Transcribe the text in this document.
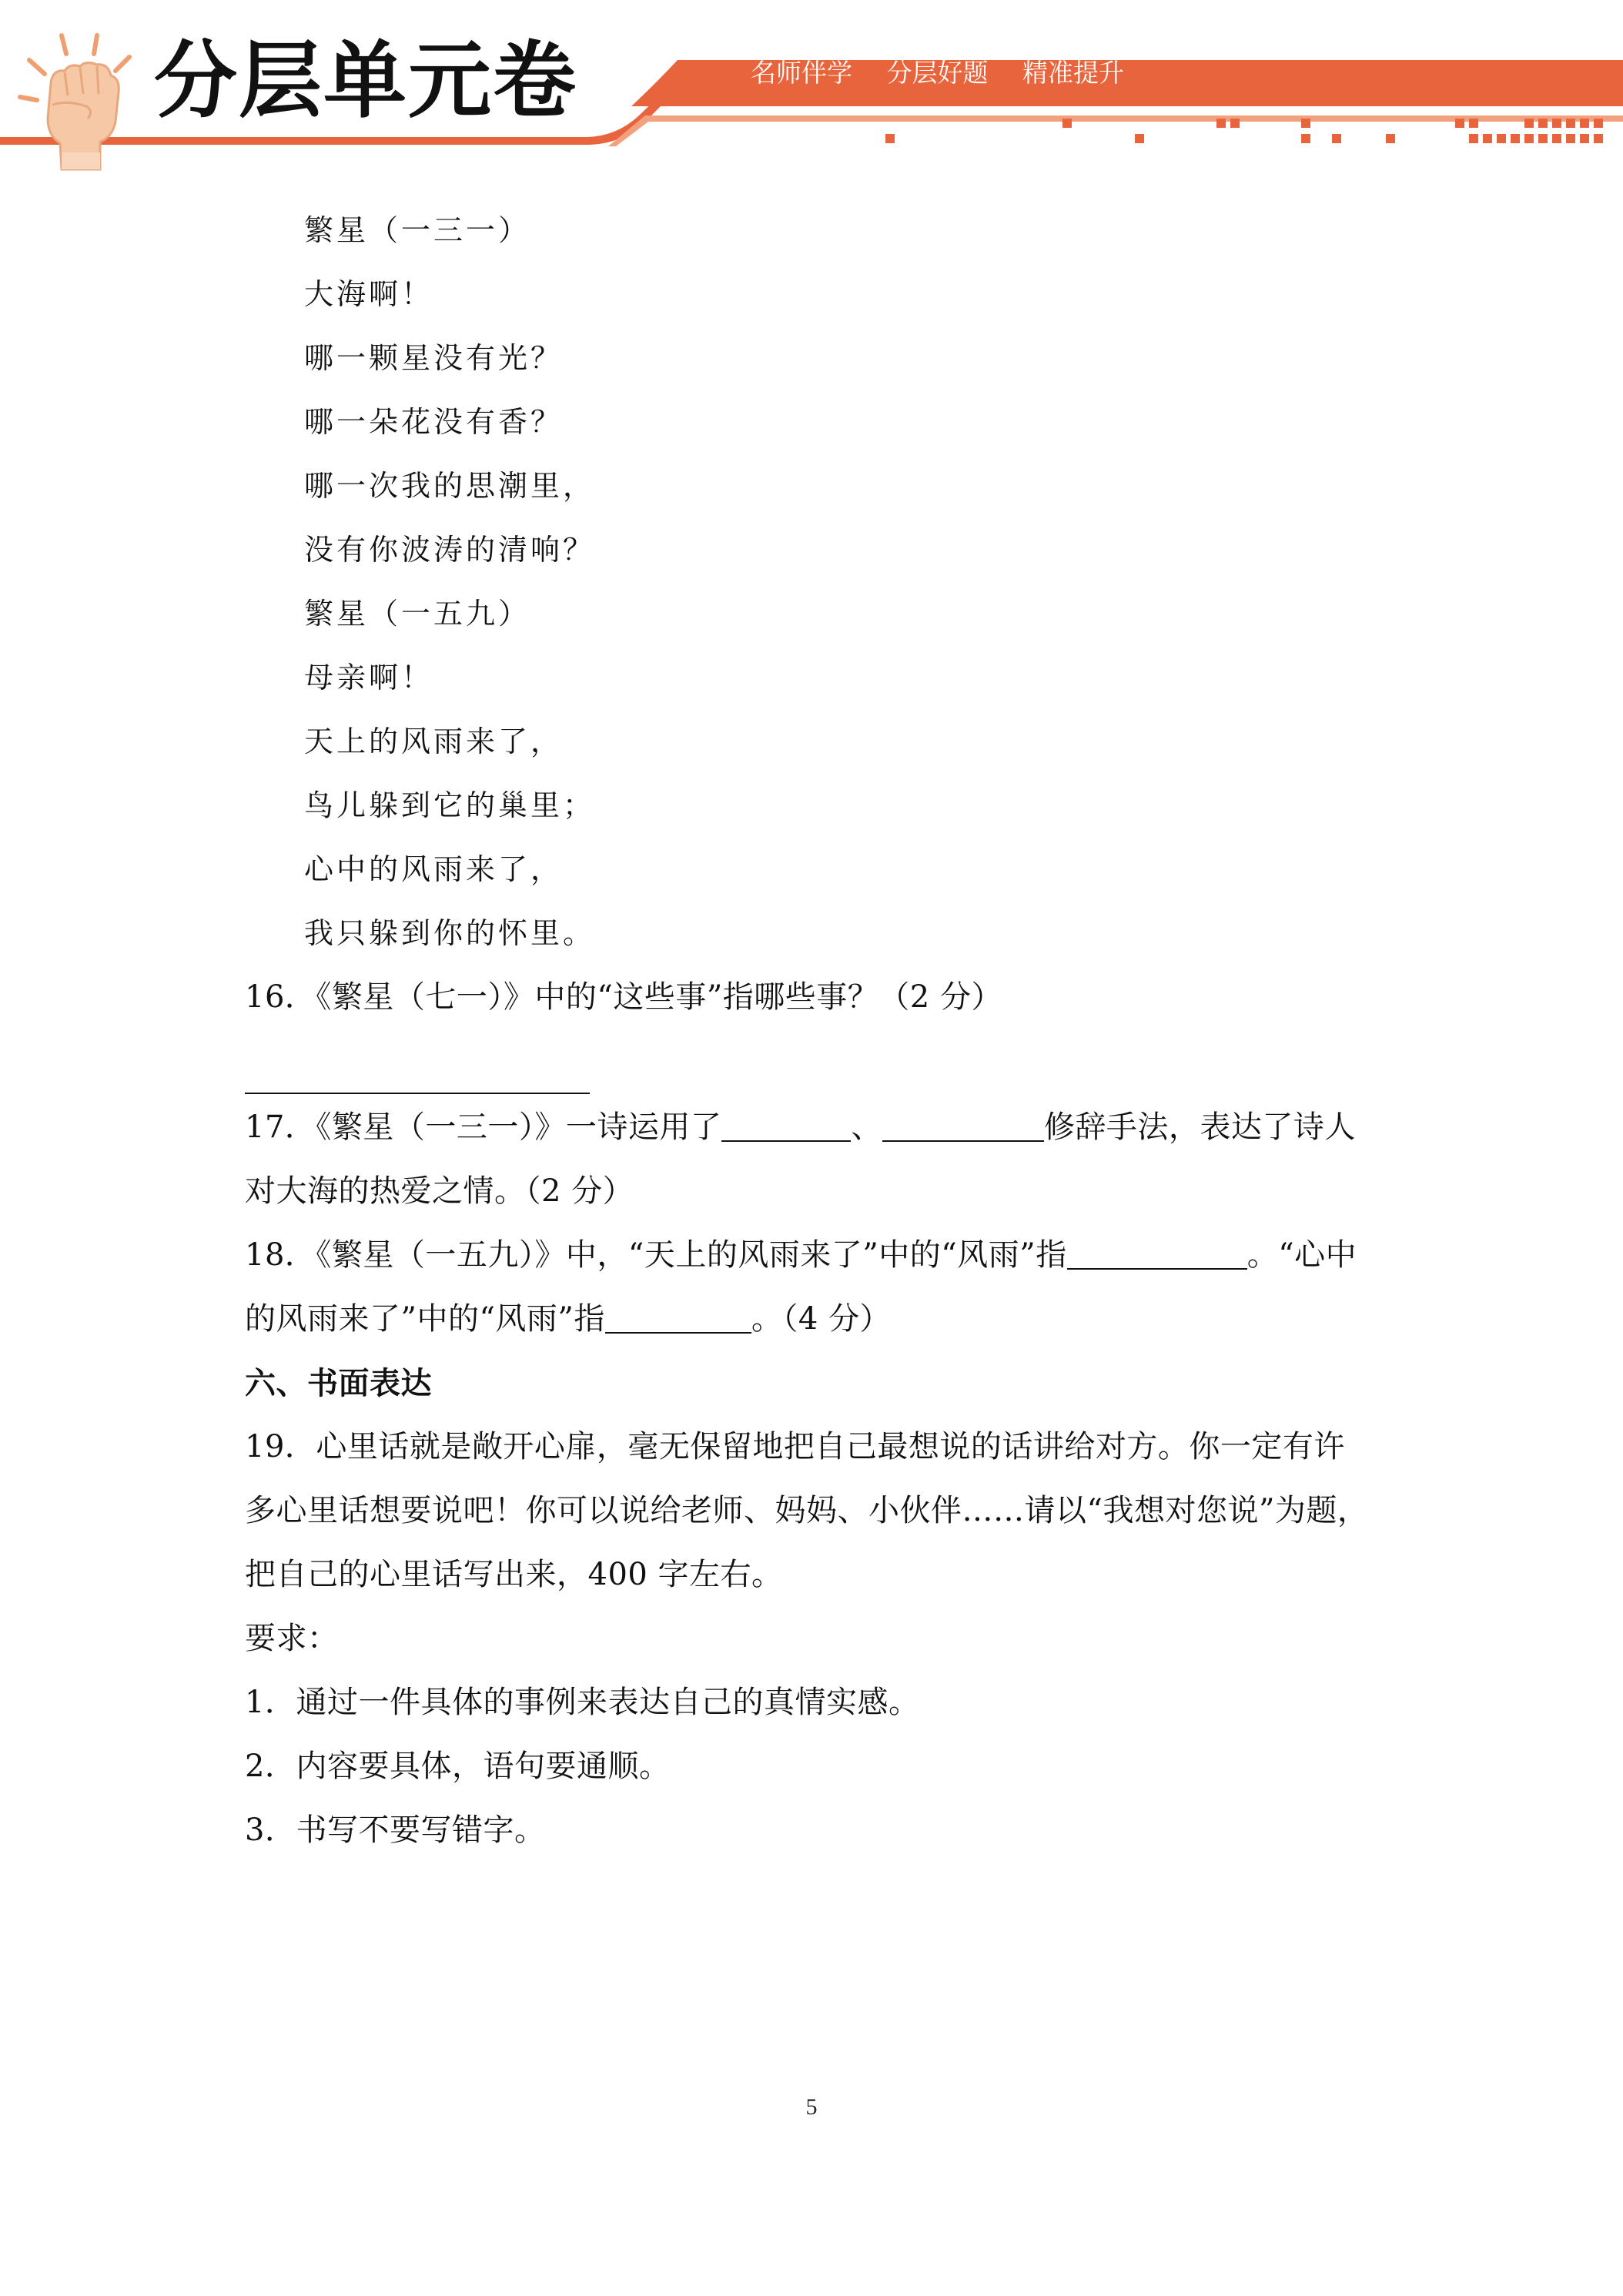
分层单元卷	名师伴学 分层好题 精准提升
繁星（一三一）
大海啊！
哪一颗星没有光？
哪一朵花没有香？
哪一次我的思潮里，
没有你波涛的清响？
繁星（一五九）
母亲啊！
天上的风雨来了，
鸟儿躲到它的巢里；
心中的风雨来了，
我只躲到你的怀里。
16．《繁星（七一）》中的“这些事”指哪些事？（2 分）
17．《繁星（一三一）》一诗运用了	、	修辞手法，表达了诗人
对大海的热爱之情。（2 分）
18．《繁星（一五九）》中，“天上的风雨来了”中的“风雨”指	。“心中
的风雨来了”中的“风雨”指	。（4 分）
六、书面表达
19．心里话就是敞开心扉，毫无保留地把自己最想说的话讲给对方。你一定有许
多心里话想要说吧！你可以说给老师、妈妈、小伙伴……请以“我想对您说”为题，
把自己的心里话写出来，400 字左右。
要求：
1．通过一件具体的事例来表达自己的真情实感。
2．内容要具体，语句要通顺。
3．书写不要写错字。
5
